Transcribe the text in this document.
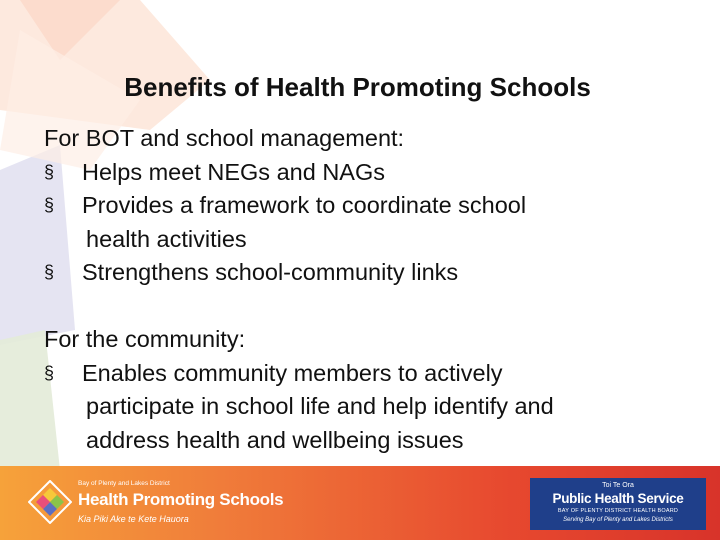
Benefits of Health Promoting Schools
For BOT and school management:
§	Helps meet NEGs and NAGs
§	Provides a framework to coordinate school
health activities
§	Strengthens school-community links
For the community:
§	Enables community members to actively
participate in school life and help identify and
address health and wellbeing issues
Bay of Plenty and Lakes District
Health Promoting Schools
Kia Piki Ake te Kete Hauora
Toi Te Ora
Public Health Service
BAY OF PLENTY DISTRICT HEALTH BOARD
Serving Bay of Plenty and Lakes Districts
